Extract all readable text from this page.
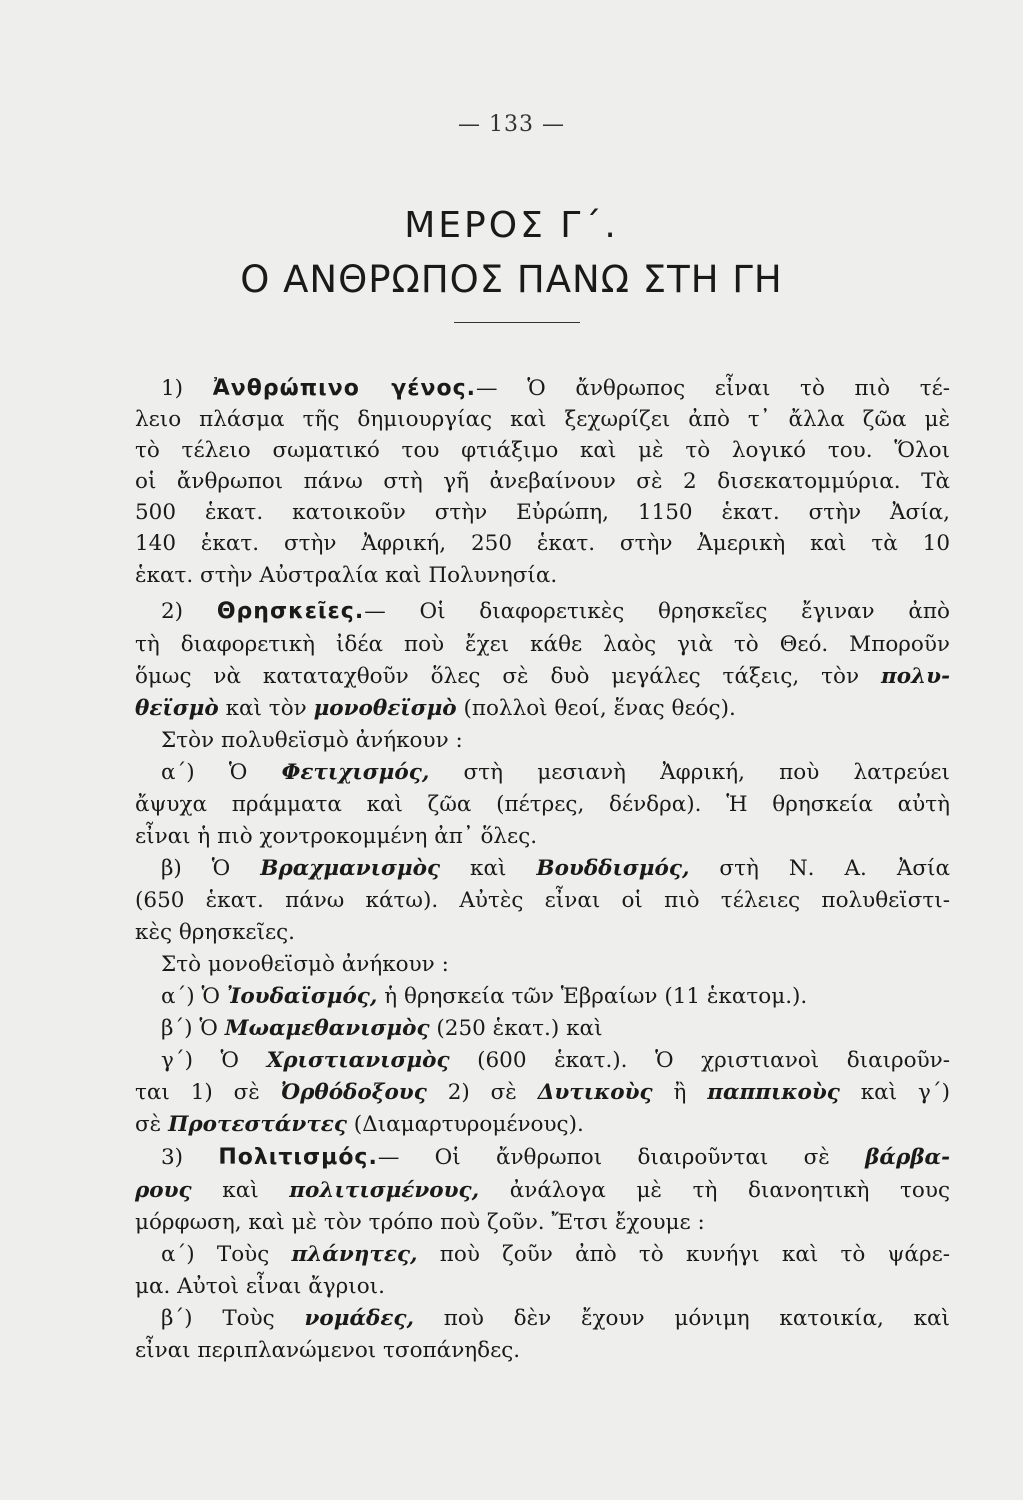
— 133 —
ΜΕΡΟΣ Γ΄.
Ο ΑΝΘΡΩΠΟΣ ΠΑΝΩ ΣΤΗ ΓΗ
1) Ἀνθρώπινο γένος.— Ὁ ἄνθρωπος εἶναι τὸ πιὸ τέ-
λειο πλάσμα τῆς δημιουργίας καὶ ξεχωρίζει ἀπὸ τ᾽ ἄλλα ζῶα μὲ
τὸ τέλειο σωματικό του φτιάξιμο καὶ μὲ τὸ λογικό του. Ὅλοι
οἱ ἄνθρωποι πάνω στὴ γῆ ἀνεβαίνουν σὲ 2 δισεκατομμύρια. Τὰ
500 ἑκατ. κατοικοῦν στὴν Εὐρώπη, 1150 ἑκατ. στὴν Ἀσία,
140 ἑκατ. στὴν Ἀφρική, 250 ἑκατ. στὴν Ἀμερικὴ καὶ τὰ 10
ἑκατ. στὴν Αὐστραλία καὶ Πολυνησία.
2) Θρησκεῖες.— Οἱ διαφορετικὲς θρησκεῖες ἔγιναν ἀπὸ
τὴ διαφορετικὴ ἰδέα ποὺ ἔχει κάθε λαὸς γιὰ τὸ Θεό. Μποροῦν
ὅμως νὰ καταταχθοῦν ὅλες σὲ δυὸ μεγάλες τάξεις, τὸν πολυ-
θεϊσμὸ καὶ τὸν μονοθεϊσμὸ (πολλοὶ θεοί, ἕνας θεός).
Στὸν πολυθεϊσμὸ ἀνήκουν :
α΄) Ὁ Φετιχισμός, στὴ μεσιανὴ Ἀφρική, ποὺ λατρεύει
ἄψυχα πράμματα καὶ ζῶα (πέτρες, δένδρα). Ἡ θρησκεία αὐτὴ
εἶναι ἡ πιὸ χοντροκομμένη ἀπ᾽ ὅλες.
β) Ὁ Βραχμανισμὸς καὶ Βουδδισμός, στὴ Ν. Α. Ἀσία
(650 ἑκατ. πάνω κάτω). Αὐτὲς εἶναι οἱ πιὸ τέλειες πολυθεϊστι-
κὲς θρησκεῖες.
Στὸ μονοθεϊσμὸ ἀνήκουν :
α΄) Ὁ Ἰουδαϊσμός, ἡ θρησκεία τῶν Ἑβραίων (11 ἑκατομ.).
β΄) Ὁ Μωαμεθανισμὸς (250 ἑκατ.) καὶ
γ΄) Ὁ Χριστιανισμὸς (600 ἑκατ.). Ὁ χριστιανοὶ διαιροῦν-
ται 1) σὲ Ὀρθόδοξους 2) σὲ Δυτικοὺς ἢ παππικοὺς καὶ γ΄)
σὲ Προτεστάντες (Διαμαρτυρομένους).
3) Πολιτισμός.— Οἱ ἄνθρωποι διαιροῦνται σὲ βάρβα-
ρους καὶ πολιτισμένους, ἀνάλογα μὲ τὴ διανοητικὴ τους
μόρφωση, καὶ μὲ τὸν τρόπο ποὺ ζοῦν. Ἔτσι ἔχουμε :
α΄) Τοὺς πλάνητες, ποὺ ζοῦν ἀπὸ τὸ κυνήγι καὶ τὸ ψάρε-
μα. Αὐτοὶ εἶναι ἄγριοι.
β΄) Τοὺς νομάδες, ποὺ δὲν ἔχουν μόνιμη κατοικία, καὶ
εἶναι περιπλανώμενοι τσοπάνηδες.
